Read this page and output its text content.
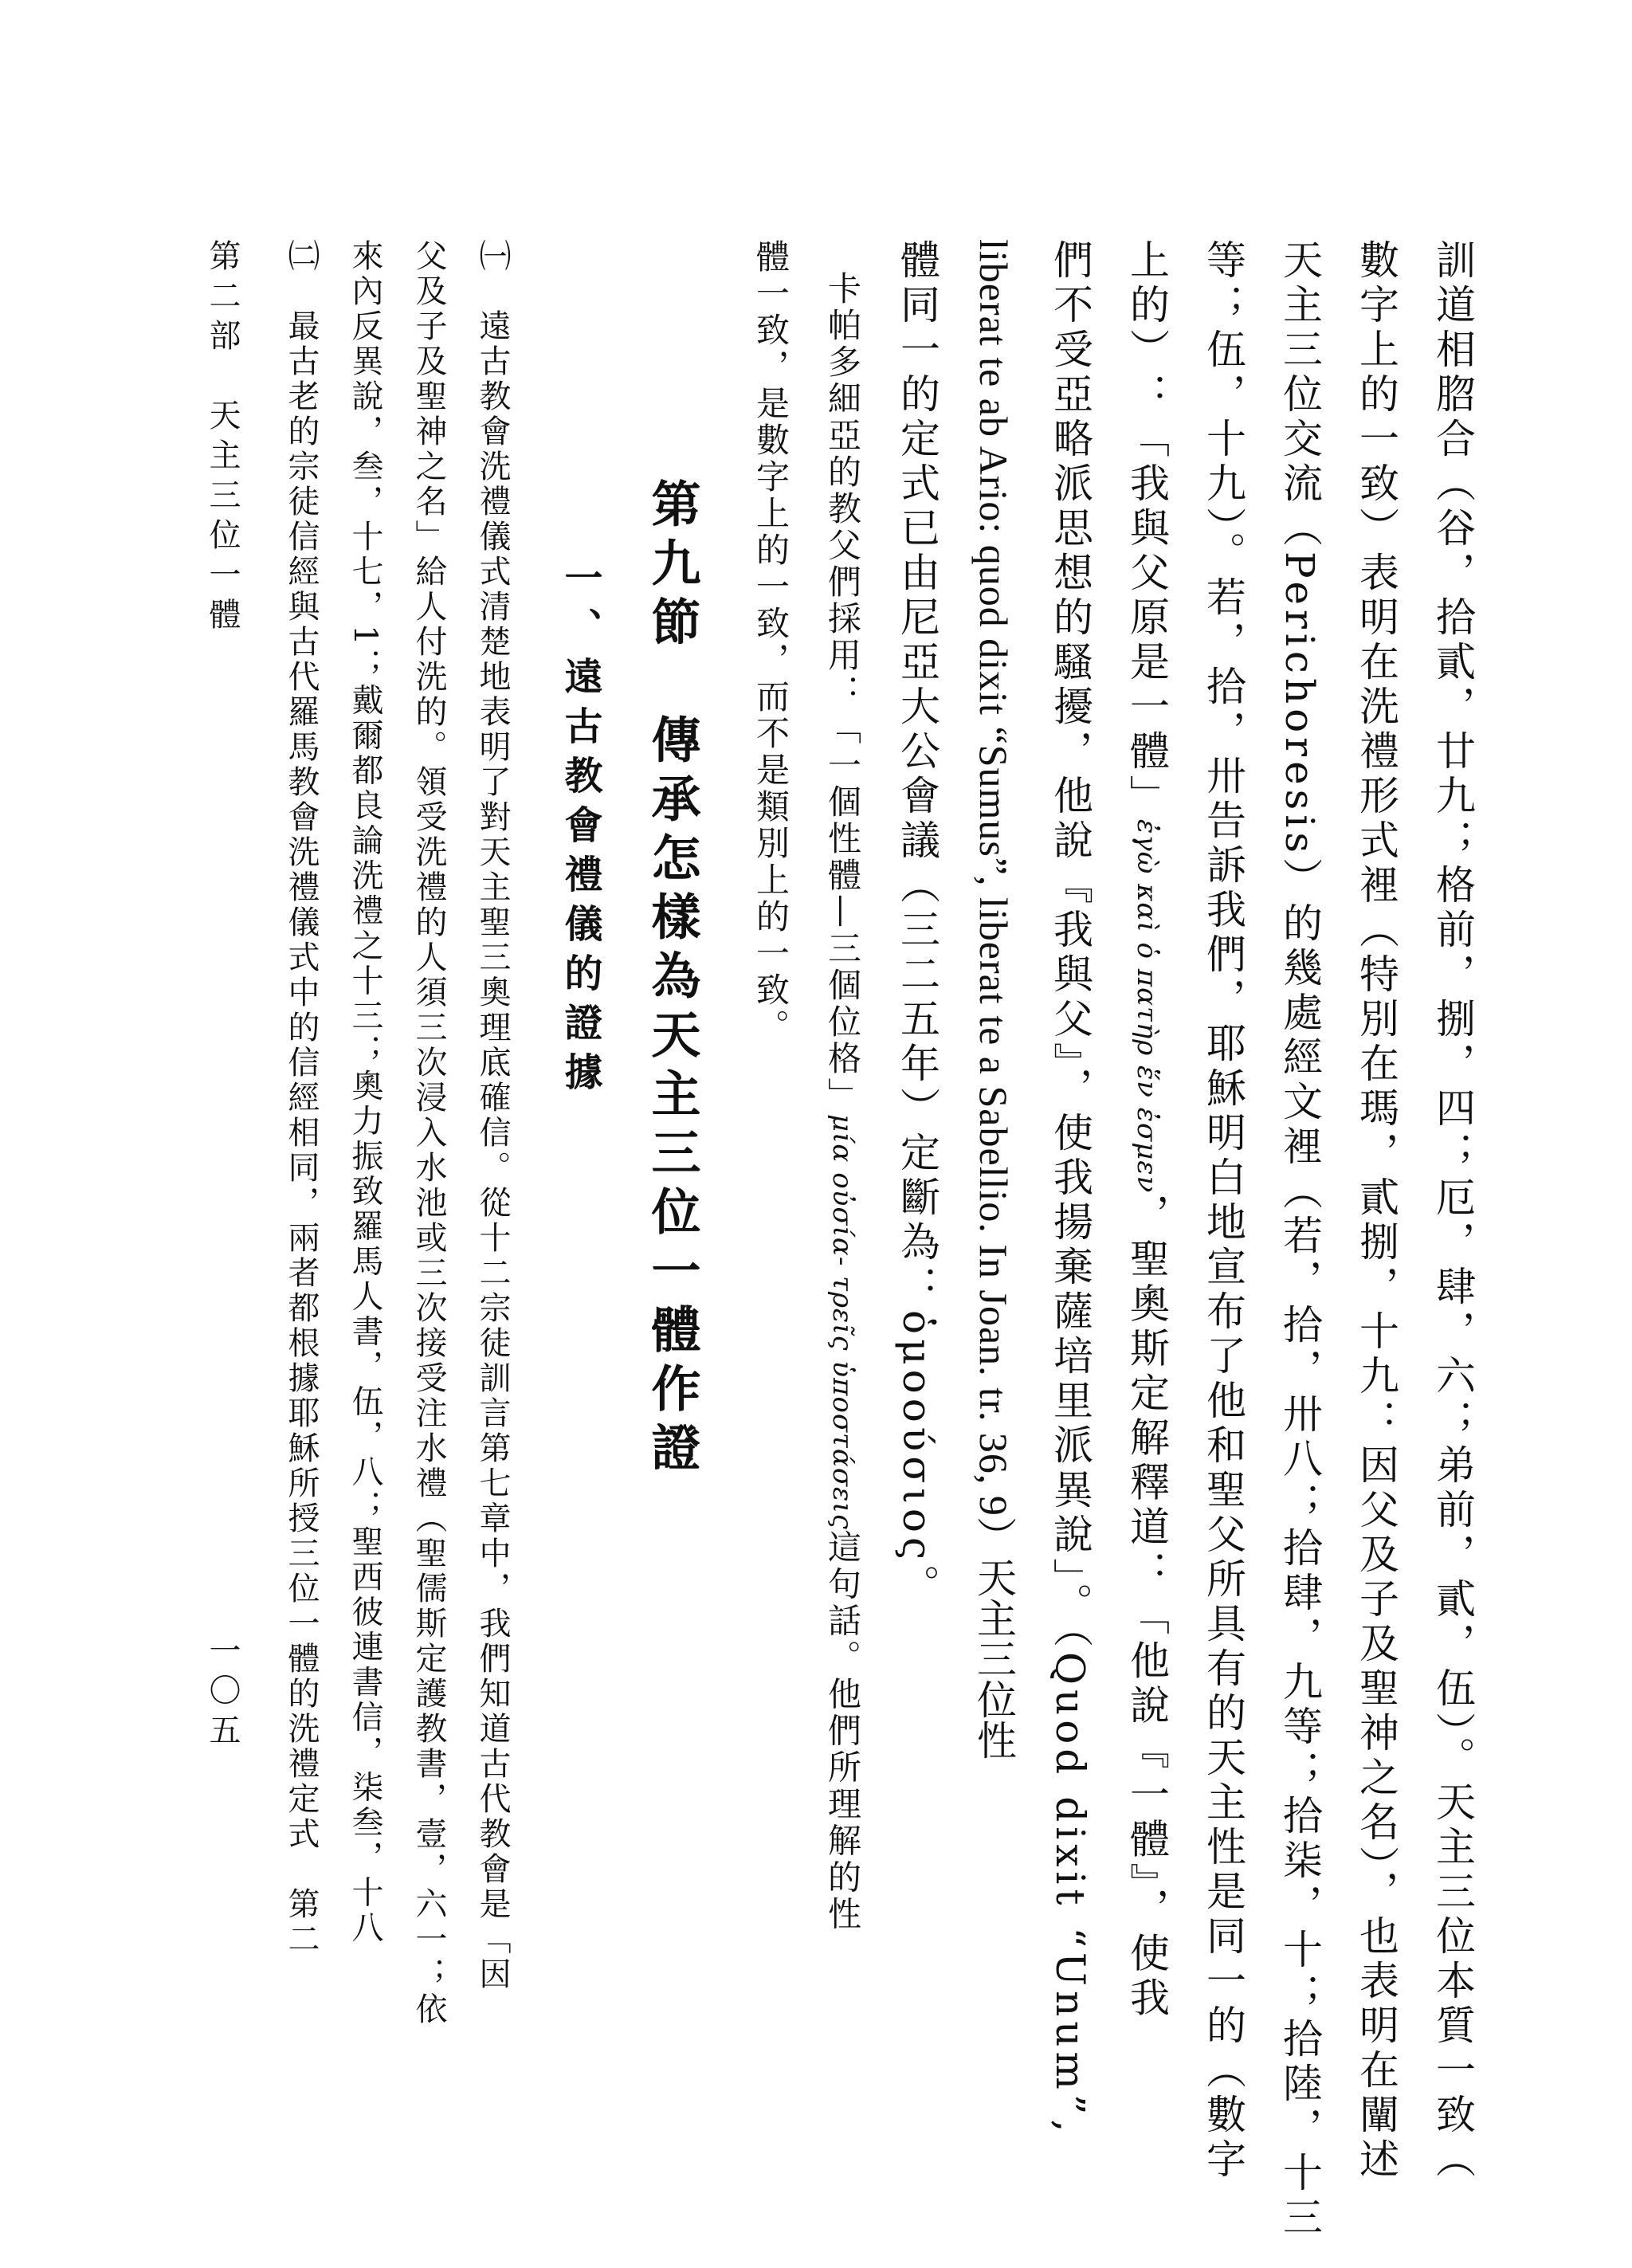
訓道相脗合（谷，拾貳，廿九；格前，捌，四；厄，肆，六；弟前，貳，伍）。天主三位本質一致（
數字上的一致）表明在洗禮形式裡（特別在瑪，貳捌，十九：因父及子及聖神之名），也表明在闡述
天主三位交流（Perichoresis）的幾處經文裡（若，拾，卅八；拾肆，九等；拾柒，十；拾陸，十三
等；伍，十九）。若，拾，卅告訴我們，耶穌明白地宣布了他和聖父所具有的天主性是同一的（數字
上的）：「我與父原是一體」ἐγὼ καὶ ὁ πατὴρ ἕν ἐσμεν，聖奧斯定解釋道：「他說『一體』，使我
們不受亞略派思想的騷擾，他說『我與父』，使我揚棄薩培里派異說」。（Quod dixit “Unum”,
liberat te ab Ario: quod dixit “Sumus”, liberat te a Sabellio. In Joan. tr. 36, 9）天主三位性
體同一的定式已由尼亞大公會議（三二五年）定斷為：ὁμοούσιος。
卡帕多細亞的教父們採用：「一個性體—三個位格」μία οὐσία- τρεῖς ὑποστάσεις這句話。他們所理解的性
體一致，是數字上的一致，而不是類別上的一致。
第九節　傳承怎樣為天主三位一體作證
一、遠古教會禮儀的證據
㈠　遠古教會洗禮儀式清楚地表明了對天主聖三奧理底確信。從十二宗徒訓言第七章中，我們知道古代教會是「因
父及子及聖神之名」給人付洗的。領受洗禮的人須三次浸入水池或三次接受注水禮（聖儒斯定護教書，壹，六一；依
來內反異說，叁，十七，1；戴爾都良論洗禮之十三；奧力振致羅馬人書，伍，八；聖西彼連書信，柒叁，十八
㈡　最古老的宗徒信經與古代羅馬教會洗禮儀式中的信經相同，兩者都根據耶穌所授三位一體的洗禮定式　第二
第二部　天主三位一體
一〇五
